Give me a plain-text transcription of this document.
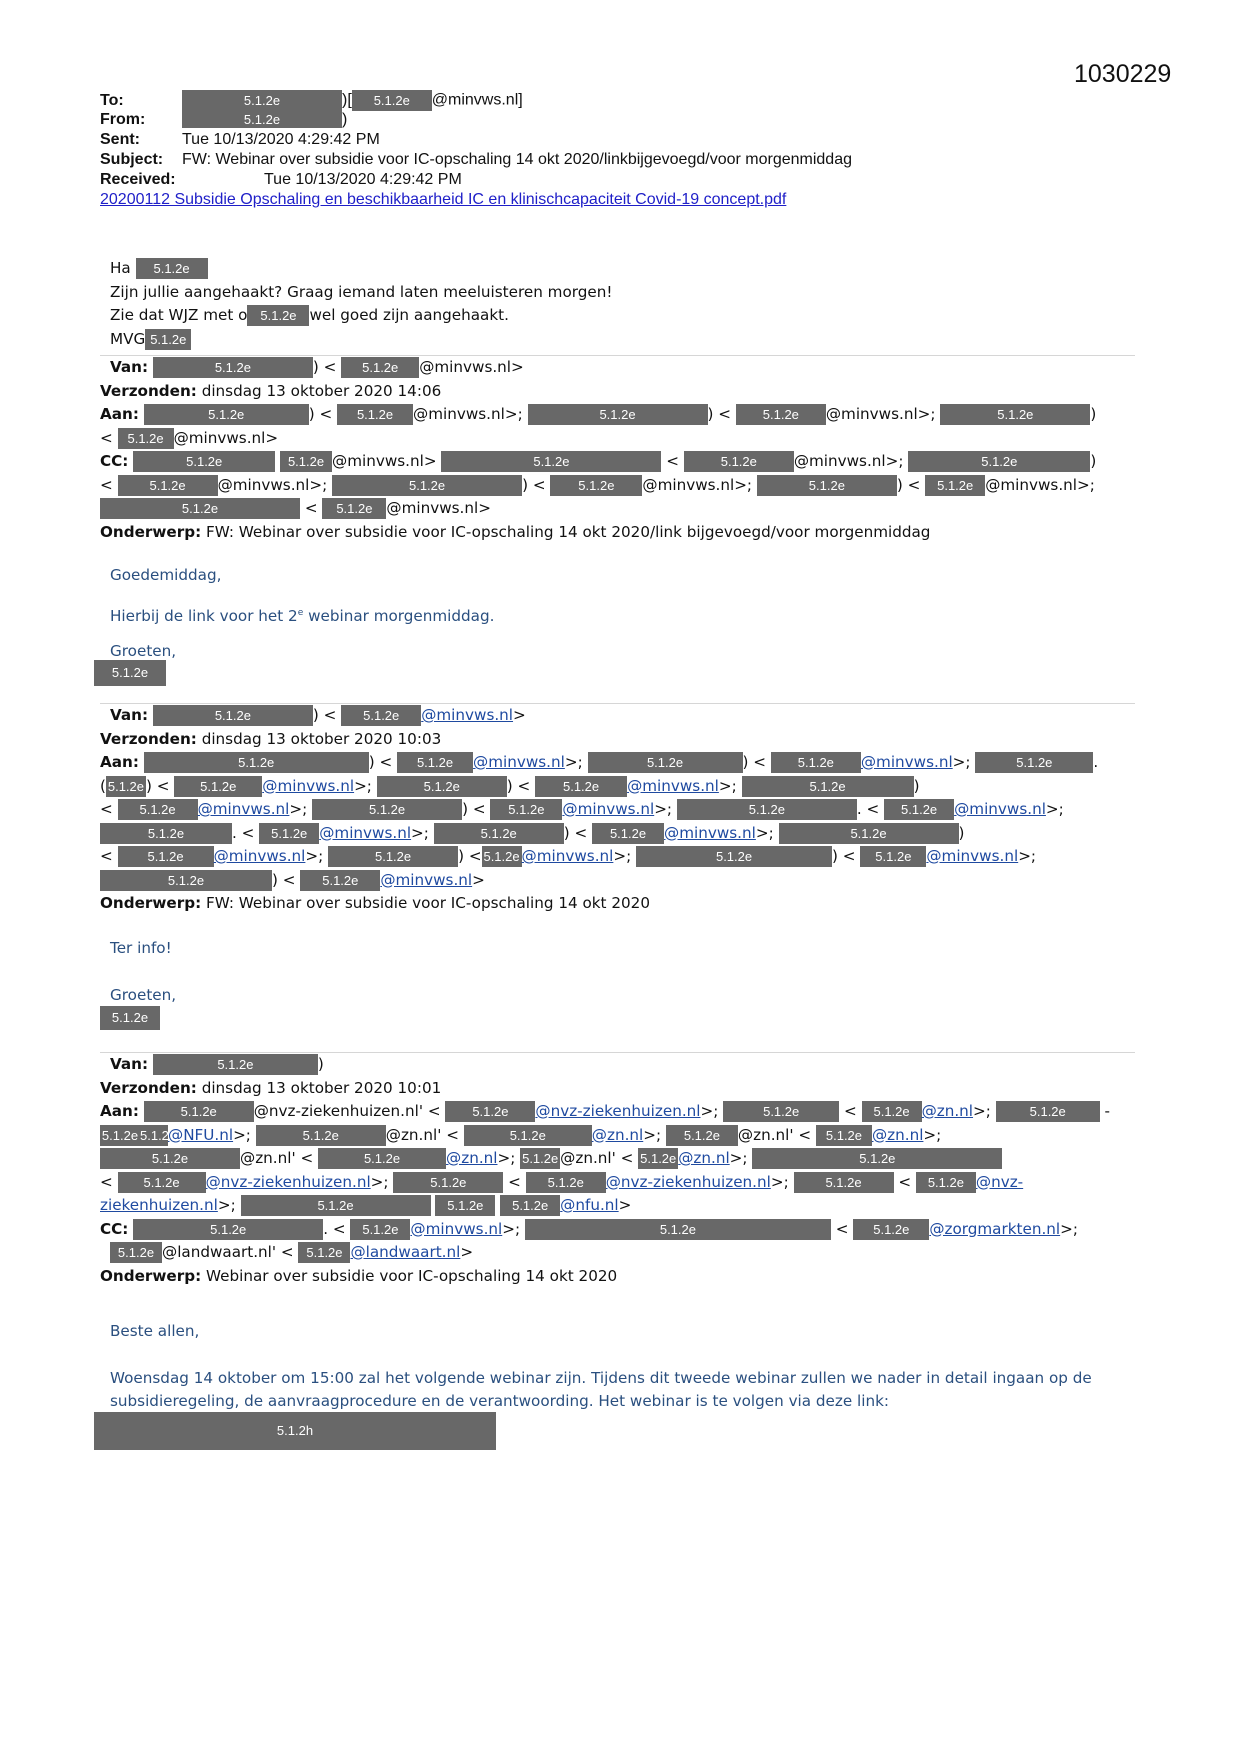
1030229
To:	5.1.2e	)[ 5.1.2e @minvws.nl]
From:	5.1.2e	)
Sent:	Tue 10/13/2020 4:29:42 PM
Subject: FW: Webinar over subsidie voor IC-opschaling 14 okt 2020/linkbijgevoegd/voor morgenmiddag
Received:	Tue 10/13/2020 4:29:42 PM
20200112 Subsidie Opschaling en beschikbaarheid IC en klinischcapaciteit Covid-19 concept.pdf
Ha 5.1.2e
Zijn jullie aangehaakt? Graag iemand laten meeluisteren morgen!
Zie dat WJZ met o 5.1.2e wel goed zijn aangehaakt.
MVG 5.1.2e
Van:	5.1.2e	) < 5.1.2e @minvws.nl>
Verzonden: dinsdag 13 oktober 2020 14:06
Aan:	5.1.2e	) < 5.1.2e @minvws.nl>;	5.1.2e	) < 5.1.2e @minvws.nl>;	5.1.2e	)
< 5.1.2e @minvws.nl>
CC:	5.1.2e	5.1.2e @minvws.nl>	5.1.2e	<	5.1.2e @minvws.nl>;	5.1.2e	)
< 5.1.2e @minvws.nl>;	5.1.2e	) < 5.1.2e @minvws.nl>;	5.1.2e	) < 5.1.2e @minvws.nl>;
5.1.2e	< 5.1.2e @minvws.nl>
Onderwerp: FW: Webinar over subsidie voor IC-opschaling 14 okt 2020/link bijgevoegd/voor morgenmiddag
Goedemiddag,
Hierbij de link voor het 2e webinar morgenmiddag.
Groeten,
5.1.2e
Van:	5.1.2e	) < 5.1.2e @minvws.nl>
Verzonden: dinsdag 13 oktober 2020 10:03
Aan:	5.1.2e	) < 5.1.2e @minvws.nl>;	5.1.2e	) < 5.1.2e @minvws.nl>;	5.1.2e	.
( 5.1.2e ) < 5.1.2e @minvws.nl>;	5.1.2e	) < 5.1.2e @minvws.nl>;	5.1.2e	)
< 5.1.2e @minvws.nl>;	5.1.2e	) < 5.1.2e @minvws.nl>;	5.1.2e	. < 5.1.2e @minvws.nl>;
5.1.2e	. < 5.1.2e @minvws.nl>;	5.1.2e	) < 5.1.2e @minvws.nl>;	5.1.2e	)
< 5.1.2e @minvws.nl>;	5.1.2e	) < 5.1.2e @minvws.nl>;	5.1.2e	) < 5.1.2e @minvws.nl>;
5.1.2e	) < 5.1.2e @minvws.nl>
Onderwerp: FW: Webinar over subsidie voor IC-opschaling 14 okt 2020
Ter info!
Groeten,
5.1.2e
Van:	5.1.2e	)
Verzonden: dinsdag 13 oktober 2020 10:01
Aan:	5.1.2e @nvz-ziekenhuizen.nl' < 5.1.2e @nvz-ziekenhuizen.nl>;	5.1.2e	< 5.1.2e @zn.nl>;	5.1.2e -
5.1.2e 5.1.2e@NFU.nl>;	5.1.2e	@zn.nl' <	5.1.2e	@zn.nl>; 5.1.2e @zn.nl' < 5.1.2e @zn.nl>;
5.1.2e	@zn.nl' <	5.1.2e	@zn.nl>; 5.1.2e @zn.nl' < 5.1.2e @zn.nl>;	5.1.2e
< 5.1.2e @nvz-ziekenhuizen.nl>;	5.1.2e < 5.1.2e @nvz-ziekenhuizen.nl>; 5.1.2e < 5.1.2e @nvz-
ziekenhuizen.nl>;	5.1.2e	5.1.2e 5.1.2e @nfu.nl>
CC:	5.1.2e	. < 5.1.2e @minvws.nl>;	5.1.2e	< 5.1.2e @zorgmarkten.nl>;
5.1.2e @landwaart.nl' < 5.1.2e @landwaart.nl>
Onderwerp: Webinar over subsidie voor IC-opschaling 14 okt 2020
Beste allen,
Woensdag 14 oktober om 15:00 zal het volgende webinar zijn. Tijdens dit tweede webinar zullen we nader in detail ingaan op de subsidieregeling, de aanvraagprocedure en de verantwoording. Het webinar is te volgen via deze link:
5.1.2h
